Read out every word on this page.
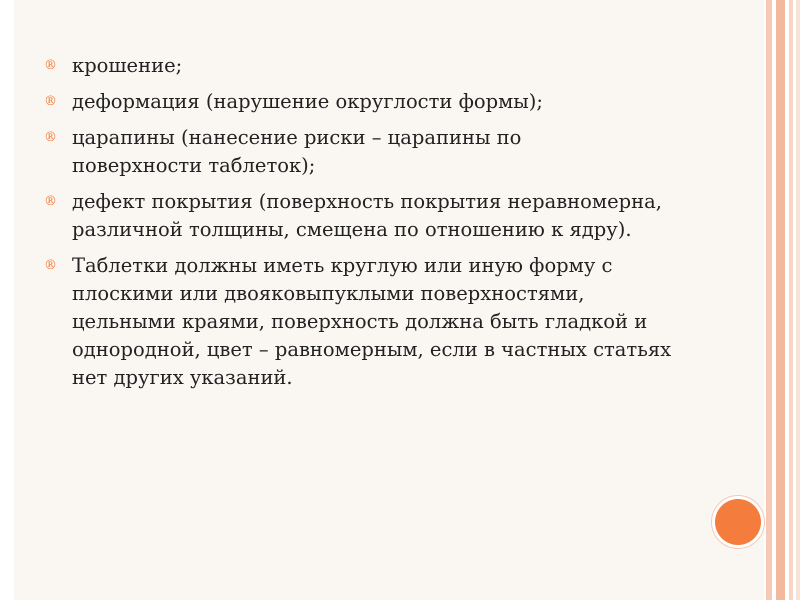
® крошение;
® деформация (нарушение округлости формы);
® царапины (нанесение риски – царапины по
поверхности таблеток);
® дефект покрытия (поверхность покрытия неравномерна,
различной толщины, смещена по отношению к ядру).
® Таблетки должны иметь круглую или иную форму с
плоскими или двояковыпуклыми поверхностями,
цельными краями, поверхность должна быть гладкой и
однородной, цвет – равномерным, если в частных статьях
нет других указаний.
